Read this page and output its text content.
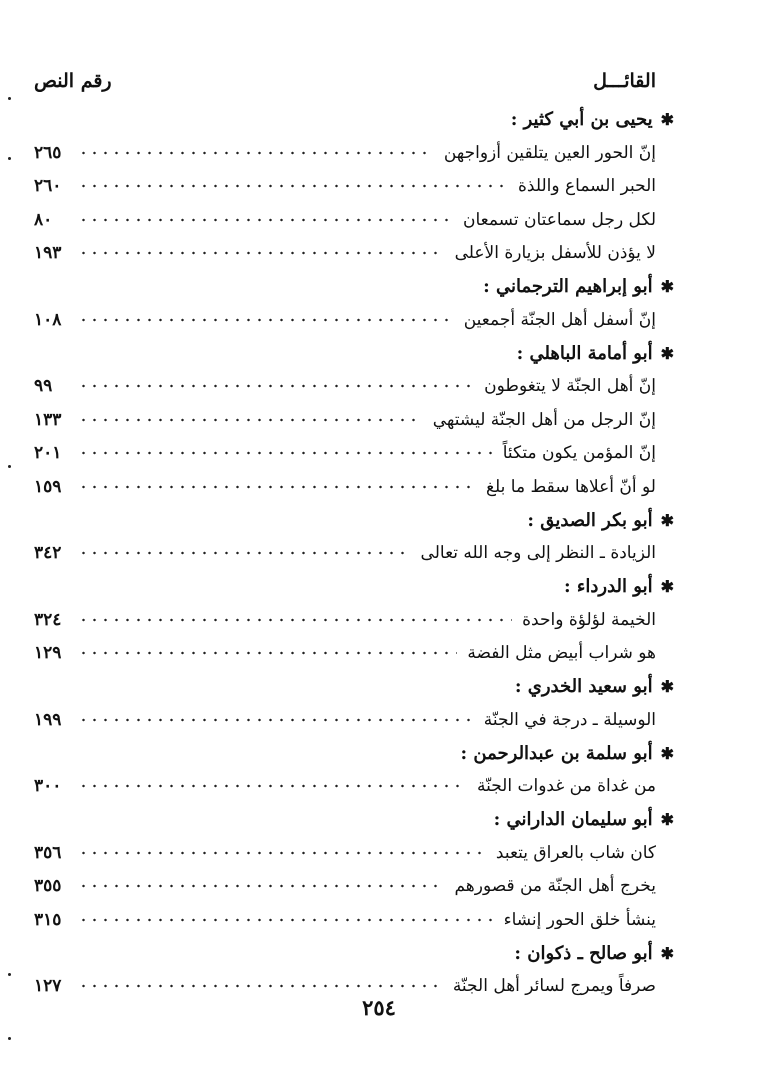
القائـــل
رقم النص
✱
يحيى بن أبي كثير :
إنّ الحور العين يتلقين أزواجهن
٢٦٥
الحبر السماع واللذة
٢٦٠
لكل رجل سماعتان تسمعان
٨٠
لا يؤذن للأسفل بزيارة الأعلى
١٩٣
✱
أبو إبراهيم الترجماني :
إنّ أسفل أهل الجنّة أجمعين
١٠٨
✱
أبو أمامة الباهلي :
إنّ أهل الجنّة لا يتغوطون
٩٩
إنّ الرجل من أهل الجنّة ليشتهي
١٣٣
إنّ المؤمن يكون متكئاً
٢٠١
لو أنّ أعلاها سقط ما بلغ
١٥٩
✱
أبو بكر الصديق :
الزيادة ـ النظر إلى وجه الله تعالى
٣٤٢
✱
أبو الدرداء :
الخيمة لؤلؤة واحدة
٣٢٤
هو شراب أبيض مثل الفضة
١٢٩
✱
أبو سعيد الخدري :
الوسيلة ـ درجة في الجنّة
١٩٩
✱
أبو سلمة بن عبدالرحمن :
من غداة من غدوات الجنّة
٣٠٠
✱
أبو سليمان الداراني :
كان شاب بالعراق يتعبد
٣٥٦
يخرج أهل الجنّة من قصورهم
٣٥٥
ينشأ خلق الحور إنشاء
٣١٥
✱
أبو صالح ـ ذكوان :
صرفاً ويمرج لسائر أهل الجنّة
١٢٧
٢٥٤
